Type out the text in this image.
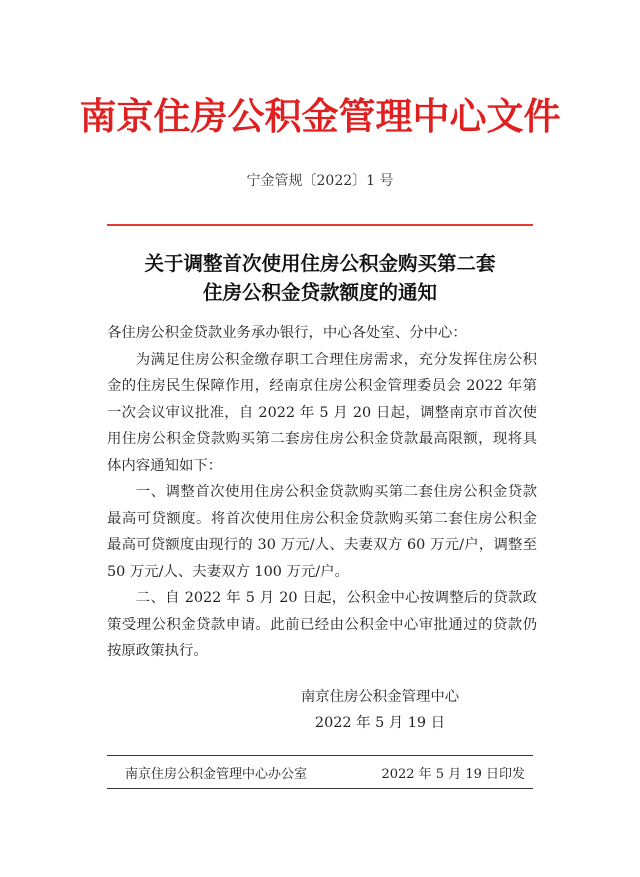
南京住房公积金管理中心文件
宁金管规〔2022〕1 号
关于调整首次使用住房公积金购买第二套
住房公积金贷款额度的通知

各住房公积金贷款业务承办银行，中心各处室、分中心：

为满足住房公积金缴存职工合理住房需求，充分发挥住房公积金的住房民生保障作用，经南京住房公积金管理委员会 2022 年第一次会议审议批准，自 2022 年 5 月 20 日起，调整南京市首次使用住房公积金贷款购买第二套房住房公积金贷款最高限额，现将具体内容通知如下：

一、调整首次使用住房公积金贷款购买第二套住房公积金贷款最高可贷额度。将首次使用住房公积金贷款购买第二套住房公积金最高可贷额度由现行的 30 万元/人、夫妻双方 60 万元/户，调整至 50 万元/人、夫妻双方 100 万元/户。

二、自 2022 年 5 月 20 日起，公积金中心按调整后的贷款政策受理公积金贷款申请。此前已经由公积金中心审批通过的贷款仍按原政策执行。

南京住房公积金管理中心
2022 年 5 月 19 日
南京住房公积金管理中心办公室	2022 年 5 月 19 日印发
